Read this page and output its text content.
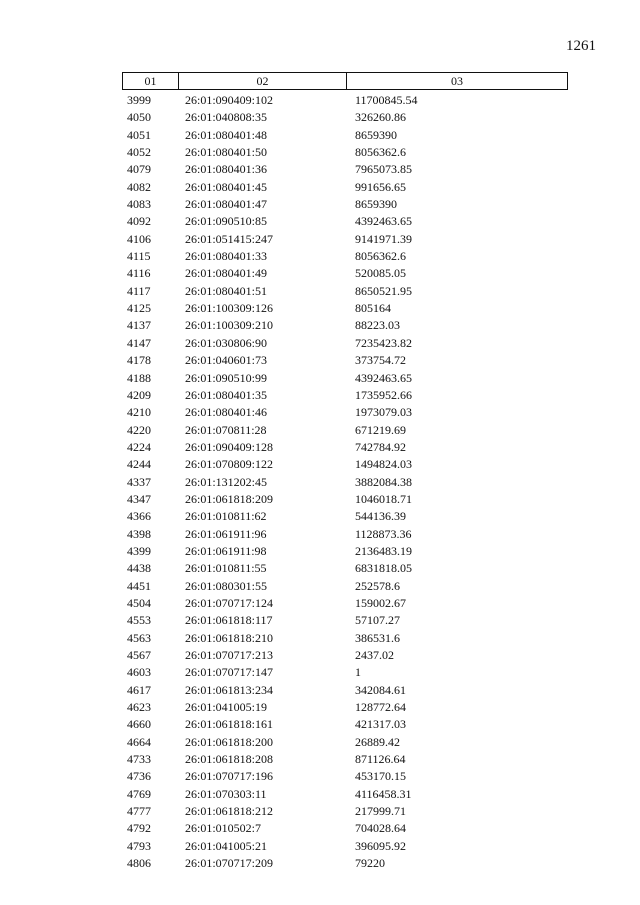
1261
01	02	03
3999	26:01:090409:102	11700845.54
4050	26:01:040808:35	326260.86
4051	26:01:080401:48	8659390
4052	26:01:080401:50	8056362.6
4079	26:01:080401:36	7965073.85
4082	26:01:080401:45	991656.65
4083	26:01:080401:47	8659390
4092	26:01:090510:85	4392463.65
4106	26:01:051415:247	9141971.39
4115	26:01:080401:33	8056362.6
4116	26:01:080401:49	520085.05
4117	26:01:080401:51	8650521.95
4125	26:01:100309:126	805164
4137	26:01:100309:210	88223.03
4147	26:01:030806:90	7235423.82
4178	26:01:040601:73	373754.72
4188	26:01:090510:99	4392463.65
4209	26:01:080401:35	1735952.66
4210	26:01:080401:46	1973079.03
4220	26:01:070811:28	671219.69
4224	26:01:090409:128	742784.92
4244	26:01:070809:122	1494824.03
4337	26:01:131202:45	3882084.38
4347	26:01:061818:209	1046018.71
4366	26:01:010811:62	544136.39
4398	26:01:061911:96	1128873.36
4399	26:01:061911:98	2136483.19
4438	26:01:010811:55	6831818.05
4451	26:01:080301:55	252578.6
4504	26:01:070717:124	159002.67
4553	26:01:061818:117	57107.27
4563	26:01:061818:210	386531.6
4567	26:01:070717:213	2437.02
4603	26:01:070717:147	1
4617	26:01:061813:234	342084.61
4623	26:01:041005:19	128772.64
4660	26:01:061818:161	421317.03
4664	26:01:061818:200	26889.42
4733	26:01:061818:208	871126.64
4736	26:01:070717:196	453170.15
4769	26:01:070303:11	4116458.31
4777	26:01:061818:212	217999.71
4792	26:01:010502:7	704028.64
4793	26:01:041005:21	396095.92
4806	26:01:070717:209	79220
